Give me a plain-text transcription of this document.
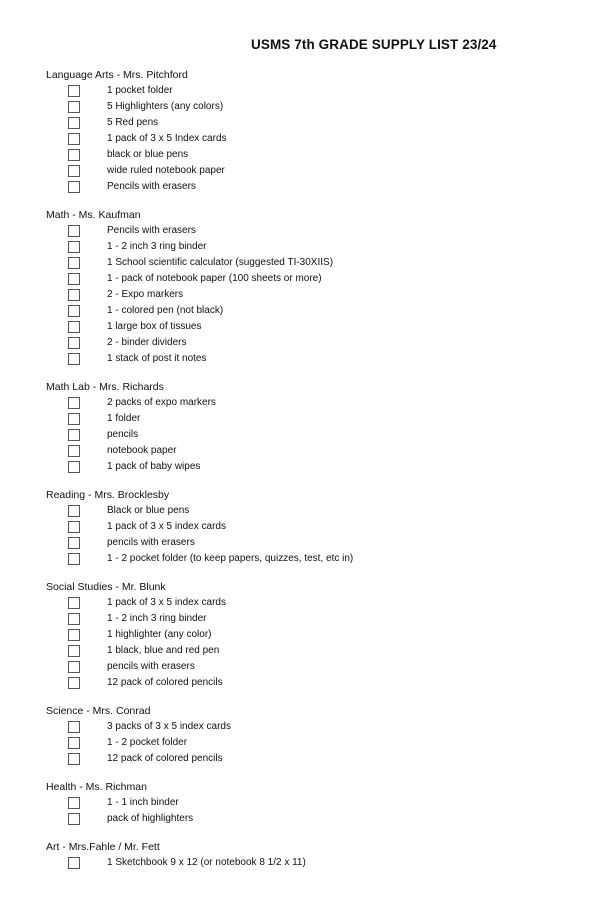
USMS 7th GRADE SUPPLY LIST 23/24
Language Arts - Mrs. Pitchford
1 pocket folder
5 Highlighters (any colors)
5 Red pens
1 pack of 3 x 5 Index cards
black or blue pens
wide ruled notebook paper
Pencils with erasers
Math - Ms. Kaufman
Pencils with erasers
1 - 2 inch 3 ring binder
1 School scientific calculator (suggested TI-30XIIS)
1 - pack of notebook paper (100 sheets or more)
2 - Expo markers
1 - colored pen (not black)
1 large box of tissues
2 - binder dividers
1 stack of post it notes
Math Lab - Mrs. Richards
2 packs of expo markers
1 folder
pencils
notebook paper
1 pack of baby wipes
Reading - Mrs. Brocklesby
Black or blue pens
1 pack of 3 x 5 index cards
pencils with erasers
1 - 2 pocket folder (to keep papers, quizzes, test, etc in)
Social Studies - Mr. Blunk
1 pack of 3 x 5 index cards
1 - 2 inch 3 ring binder
1 highlighter (any color)
1 black, blue and red pen
pencils with erasers
12 pack of colored pencils
Science - Mrs. Conrad
3 packs of 3 x 5 index cards
1 - 2 pocket folder
12 pack of colored pencils
Health - Ms. Richman
1 - 1 inch binder
pack of highlighters
Art - Mrs.Fahle / Mr. Fett
1 Sketchbook 9 x 12 (or notebook 8 1/2 x 11)
